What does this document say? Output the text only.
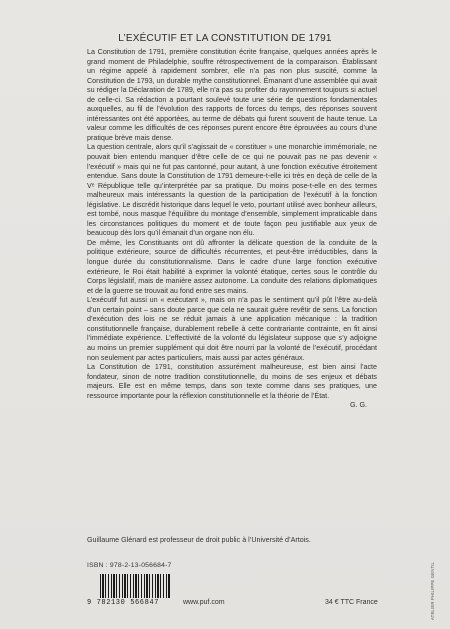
L’EXÉCUTIF ET LA CONSTITUTION DE 1791

La Constitution de 1791, première constitution écrite française, quelques années après le grand moment de Philadelphie, souffre rétrospectivement de la comparaison. Établissant un régime appelé à rapidement sombrer, elle n’a pas non plus suscité, comme la Constitution de 1793, un durable mythe constitutionnel. Émanant d’une assemblée qui avait su rédiger la Déclaration de 1789, elle n’a pas su profiter du rayonnement toujours si actuel de celle-ci. Sa rédaction a pourtant soulevé toute une série de questions fondamentales auxquelles, au fil de l’évolution des rapports de forces du temps, des réponses souvent intéressantes ont été apportées, au terme de débats qui furent souvent de haute tenue. La valeur comme les difficultés de ces réponses purent encore être éprouvées au cours d’une pratique brève mais dense.

La question centrale, alors qu’il s’agissait de « constituer » une monarchie immémoriale, ne pouvait bien entendu manquer d’être celle de ce qui ne pouvait pas ne pas devenir « l’exécutif » mais qui ne fut pas cantonné, pour autant, à une fonction exécutive étroitement entendue. Sans doute la Constitution de 1791 demeure-t-elle ici très en deçà de celle de la Vᵉ République telle qu’interprétée par sa pratique. Du moins pose-t-elle en des termes malheureux mais intéressants la question de la participation de l’exécutif à la fonction législative. Le discrédit historique dans lequel le veto, pourtant utilisé avec bonheur ailleurs, est tombé, nous masque l’équilibre du montage d’ensemble, simplement impraticable dans les circonstances politiques du moment et de toute façon peu justifiable aux yeux de beaucoup dès lors qu’il émanait d’un organe non élu.

De même, les Constituants ont dû affronter la délicate question de la conduite de la politique extérieure, source de difficultés récurrentes, et peut-être irréductibles, dans la longue durée du constitutionnalisme. Dans le cadre d’une large fonction exécutive extérieure, le Roi était habilité à exprimer la volonté étatique, certes sous le contrôle du Corps législatif, mais de manière assez autonome. La conduite des relations diplomatiques et de la guerre se trouvait au fond entre ses mains.

L’exécutif fut aussi un « exécutant », mais on n’a pas le sentiment qu’il pût l’être au-delà d’un certain point – sans doute parce que cela ne saurait guère revêtir de sens. La fonction d’exécution des lois ne se réduit jamais à une application mécanique : la tradition constitutionnelle française, durablement rebelle à cette contrariante contrainte, en fit ainsi l’immédiate expérience. L’effectivité de la volonté du législateur suppose que s’y adjoigne au moins un premier supplément qui doit être nourri par la volonté de l’exécutif, procédant non seulement par actes particuliers, mais aussi par actes généraux.

La Constitution de 1791, constitution assurément malheureuse, est bien ainsi l’acte fondateur, sinon de notre tradition constitutionnelle, du moins de ses enjeux et débats majeurs. Elle est en même temps, dans son texte comme dans ses pratiques, une ressource importante pour la réflexion constitutionnelle et la théorie de l’État.

G. G.

Guillaume Glénard est professeur de droit public à l’Université d’Artois.
ISBN : 978-2-13-056684-7
9 782130 566847	www.puf.com	34 € TTC France	ATELIER PHILIPPE GENTIL
